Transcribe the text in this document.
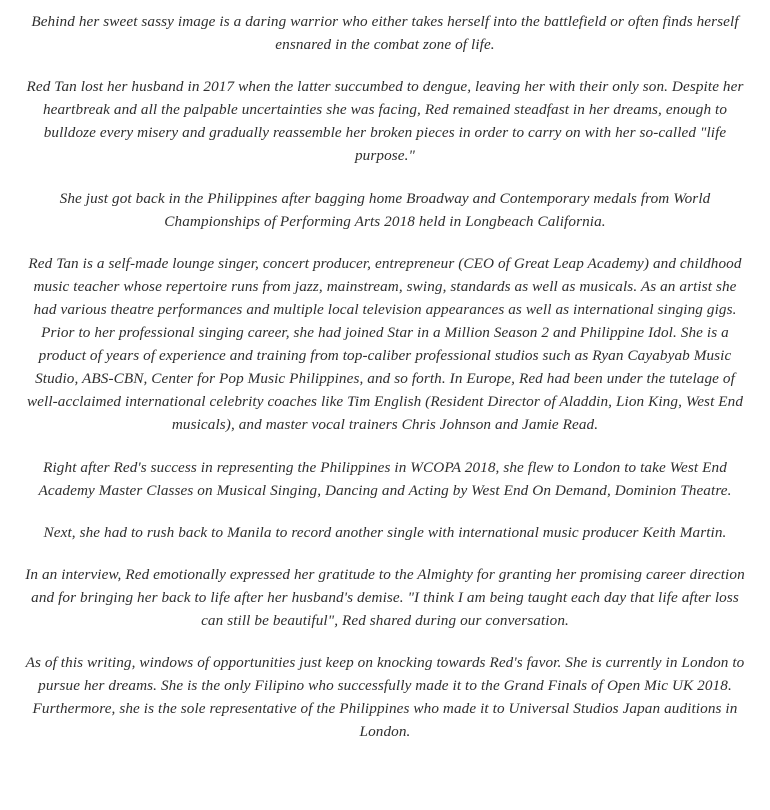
Behind her sweet sassy image is a daring warrior who either takes herself into the battlefield or often finds herself ensnared in the combat zone of life.

Red Tan lost her husband in 2017 when the latter succumbed to dengue, leaving her with their only son. Despite her heartbreak and all the palpable uncertainties she was facing, Red remained steadfast in her dreams, enough to bulldoze every misery and gradually reassemble her broken pieces in order to carry on with her so-called "life purpose."

She just got back in the Philippines after bagging home Broadway and Contemporary medals from World Championships of Performing Arts 2018 held in Longbeach California.

Red Tan is a self-made lounge singer, concert producer, entrepreneur (CEO of Great Leap Academy) and childhood music teacher whose repertoire runs from jazz, mainstream, swing, standards as well as musicals. As an artist she had various theatre performances and multiple local television appearances as well as international singing gigs. Prior to her professional singing career, she had joined Star in a Million Season 2 and Philippine Idol. She is a product of years of experience and training from top-caliber professional studios such as Ryan Cayabyab Music Studio, ABS-CBN, Center for Pop Music Philippines, and so forth. In Europe, Red had been under the tutelage of well-acclaimed international celebrity coaches like Tim English (Resident Director of Aladdin, Lion King, West End musicals), and master vocal trainers Chris Johnson and Jamie Read.

Right after Red's success in representing the Philippines in WCOPA 2018, she flew to London to take West End Academy Master Classes on Musical Singing, Dancing and Acting by West End On Demand, Dominion Theatre.

Next, she had to rush back to Manila to record another single with international music producer Keith Martin.

In an interview, Red emotionally expressed her gratitude to the Almighty for granting her promising career direction and for bringing her back to life after her husband's demise. "I think I am being taught each day that life after loss can still be beautiful", Red shared during our conversation.

As of this writing, windows of opportunities just keep on knocking towards Red's favor. She is currently in London to pursue her dreams. She is the only Filipino who successfully made it to the Grand Finals of Open Mic UK 2018. Furthermore, she is the sole representative of the Philippines who made it to Universal Studios Japan auditions in London.
